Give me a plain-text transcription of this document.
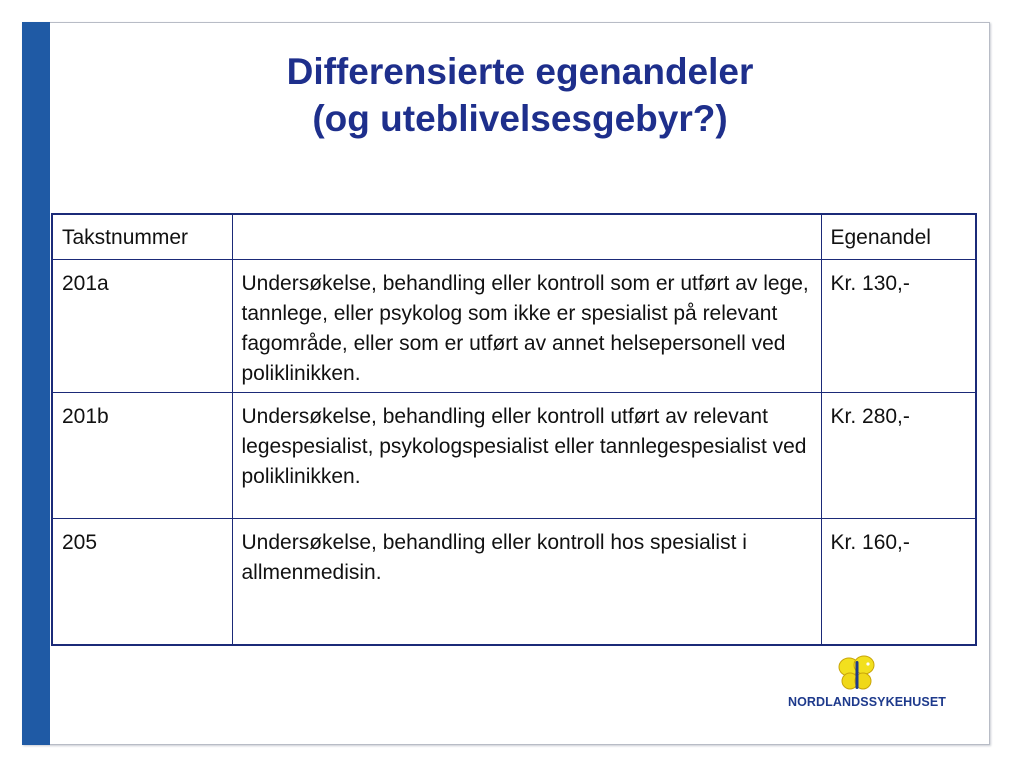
Differensierte egenandeler
(og uteblivelsesgebyr?)
Takstnummer		Egenandel
201a	Undersøkelse, behandling eller kontroll som er utført av lege, tannlege, eller psykolog som ikke er spesialist på relevant fagområde, eller som er utført av annet helsepersonell ved poliklinikken.	Kr. 130,-
201b	Undersøkelse, behandling eller kontroll utført av relevant legespesialist, psykologspesialist eller tannlegespesialist ved poliklinikken.	Kr. 280,-
205	Undersøkelse, behandling eller kontroll hos spesialist i allmenmedisin.	Kr. 160,-
NORDLANDSSYKEHUSET
